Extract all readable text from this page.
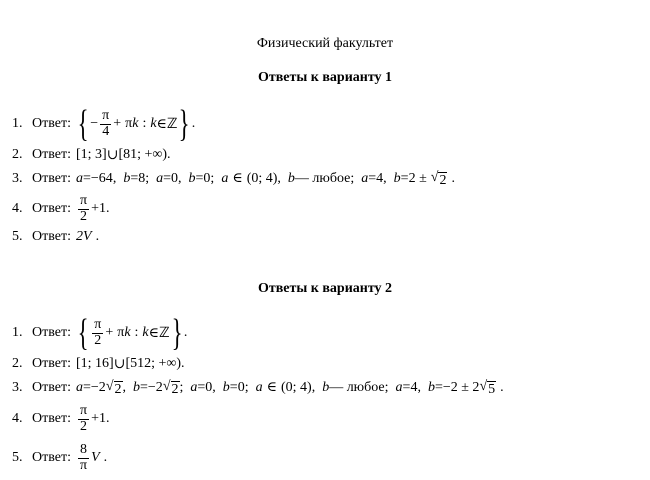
Физический факультет
Ответы к варианту 1
1. Ответ: { − $\frac{\pi}{4} + \pi$ k : k ∈ ℤ } .
2. Ответ: [1; 3] ∪ [81; + ∞ ).
3. Ответ: a = −64 , b = 8 ; a = 0 , b = 0 ; a ∈ (0; 4) , b — любое; a = 4 , b = 2 ± √ 2 .
4. Ответ: $\frac{\pi}{2} + 1$ .
5. Ответ: 2V .
Ответы к варианту 2
1. Ответ: { $\frac{\pi}{2} + \pi$ k : k ∈ ℤ } .
2. Ответ: [1; 16] ∪ [512; + ∞ ).
3. Ответ: a = −2 √ 2 , b = −2 √ 2 ; a = 0 , b = 0 ; a ∈ (0; 4) , b — любое; a = 4 , b = −2 ± 2 √ 5 .
4. Ответ: $\frac{\pi}{2} + 1$ .
5. Ответ: $\frac{8}{\pi}$ V .
